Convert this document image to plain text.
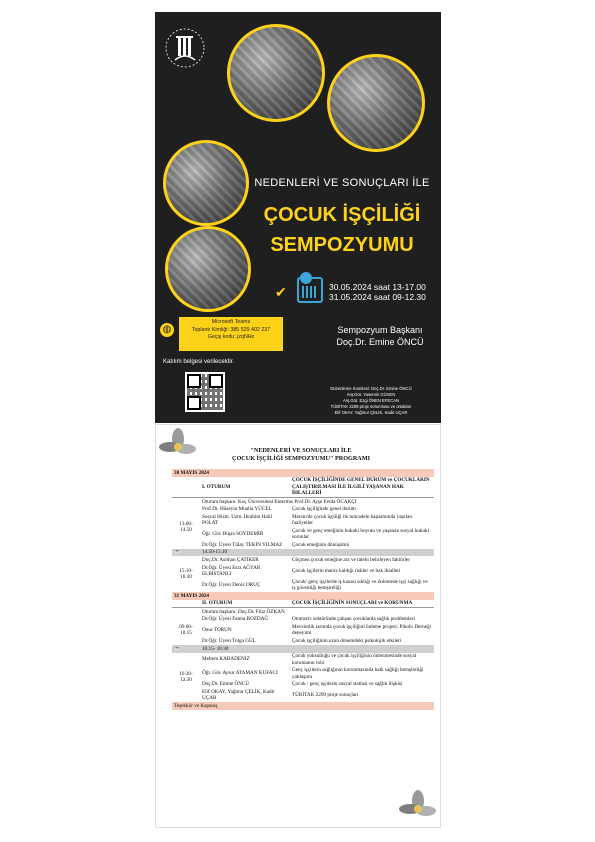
NEDENLERİ VE SONUÇLARI İLE
ÇOCUK İŞÇİLİĞİ
SEMPOZYUMU
✔	30.05.2024 saat 13-17.00
31.05.2024 saat 09-12.30
◍
Microsoft Teams
Toplantı Kimliği: 385 529 402 237
Geçiş kodu: jzqNHz
Katılım belgesi verilecektir.
Sempozyum Başkanı
Doç.Dr. Emine ÖNCÜ
Düzenleme Komitesi: Doç.Dr. Emine ÖNCÜ
Arş.Gör. Yasemin GÜVEN
Arş.Gör. Ezgi ÖNEN EFECAN
TÜBİTAK 2209 proje sorumlusu ve ortakları
Elif OKAY, Yağmur ÇELİK, Kadir UÇAR
"NEDENLERİ VE SONUÇLARI İLE
ÇOCUK İŞÇİLİĞİ SEMPOZYUMU" PROGRAMI
30 MAYIS 2024		
	I. OTURUM	ÇOCUK İŞÇİLİĞİNDE GENEL DURUM ve ÇOCUKLARIN ÇALIŞTIRILMASI İLE İLGİLİ YAŞANAN HAK İHLALLERİ
	Oturum başkanı: Koç Üniversitesi Emeritus Prof.Dr. Ayşe Ferda OCAKÇI	
13.00-14.50	Prof.Dr. Hüseyin Mualla YÜCEL	Çocuk işçiliğinde genel durum
	Sosyal Hizm. Uzm. İbrahim Halil POLAT	Mersin'de çocuk işçiliği ile mücadele kapsamında yapılan faaliyetler
	Öğr. Gör. Büşra SOYDEMİR	Çocuk ve genç emeğinin hukuki boyutu ve yaşanan sosyal hukuki sorunlar
	Dr.Öğr. Üyesi Tülay TEKİN YILMAZ	Çocuk emeğinin dönüşümü
☕	14.50-15.10	
15.10-16.30	Doç.Dr. Aslıhan ÇATIKER	Göçmen çocuk emeğine arz ve talebi belirleyen faktörler
	Dr.Öğr. Üyesi Esra AĞYAR ELBİSTANLI	Çocuk işçilerin maruz kaldığı riskler ve hak ihlalleri
	Dr.Öğr. Üyesi Deniz ORUÇ	Çocuk/ genç işçilerde iş kazası sıklığı ve önlemede işçi sağlığı ve iş güvenliği hemşireliği
31 MAYIS 2024		
	II. OTURUM	ÇOCUK İŞÇİLİĞİNİN SONUÇLARI ve KORUNMA
	Oturum başkanı: Doç.Dr. Filiz ÖZKAN	
09.00-10.15	Dr.Öğr. Üyesi Fatma BOZDAĞ	Otomotiv sektöründe çalışan çocuklarda sağlık problemleri
	Onur TORUN	Mevsimlik tarımda çocuk işçiliğini önleme projesi: Pikolo Derneği deneyimi
	Dr.Öğr. Üyesi Tolga GÜL	Çocuk işçiliğinin uzun dönemdeki psikolojik etkileri
☕	10.15- 10.30	
10.30-12.30	Meltem KARADENİZ	Çocuk yoksulluğu ve çocuk işçiliğinin önlenmesinde sosyal korumanın rolü
	Öğr. Gör. Aysur ATAMAN KUFACI	Genç işçilerin sağlığının korunmasında halk sağlığı hemşireliği yaklaşımı
	Doç.Dr. Emine ÖNCÜ	Çocuk / genç işçilerin sosyal statüsü ve sağlık ilişkisi
	Elif OKAY, Yağmur ÇELİK, Kadir UÇAR	TÜBİTAK 2209 proje sonuçları
Teşekkür ve Kapanış		
